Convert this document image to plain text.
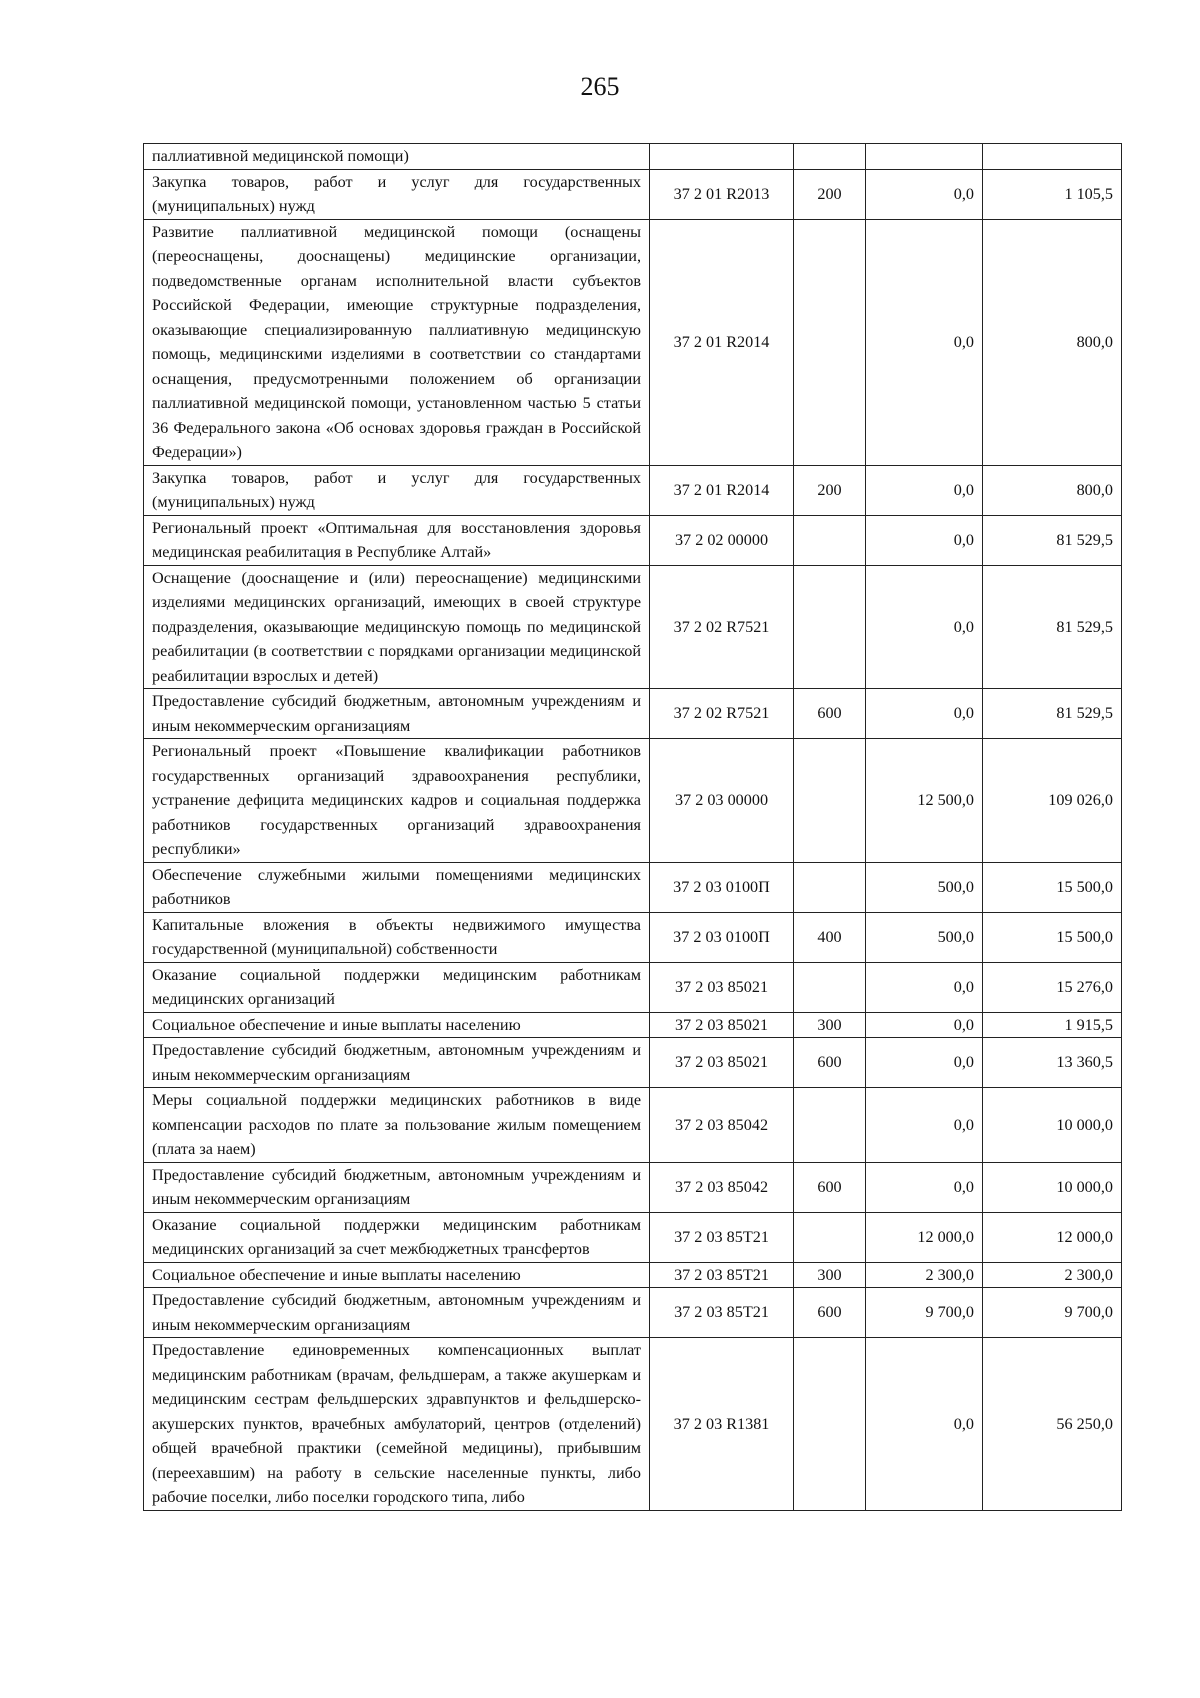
265
паллиативной медицинской помощи)				
Закупка товаров, работ и услуг для государственных (муниципальных) нужд	37 2 01 R2013	200	0,0	1 105,5
Развитие паллиативной медицинской помощи (оснащены (переоснащены, дооснащены) медицинские организации, подведомственные органам исполнительной власти субъектов Российской Федерации, имеющие структурные подразделения, оказывающие специализированную паллиативную медицинскую помощь, медицинскими изделиями в соответствии со стандартами оснащения, предусмотренными положением об организации паллиативной медицинской помощи, установленном частью 5 статьи 36 Федерального закона «Об основах здоровья граждан в Российской Федерации»)	37 2 01 R2014		0,0	800,0
Закупка товаров, работ и услуг для государственных (муниципальных) нужд	37 2 01 R2014	200	0,0	800,0
Региональный проект «Оптимальная для восстановления здоровья медицинская реабилитация в Республике Алтай»	37 2 02 00000		0,0	81 529,5
Оснащение (дооснащение и (или) переоснащение) медицинскими изделиями медицинских организаций, имеющих в своей структуре подразделения, оказывающие медицинскую помощь по медицинской реабилитации (в соответствии с порядками организации медицинской реабилитации взрослых и детей)	37 2 02 R7521		0,0	81 529,5
Предоставление субсидий бюджетным, автономным учреждениям и иным некоммерческим организациям	37 2 02 R7521	600	0,0	81 529,5
Региональный проект «Повышение квалификации работников государственных организаций здравоохранения республики, устранение дефицита медицинских кадров и социальная поддержка работников государственных организаций здравоохранения республики»	37 2 03 00000		12 500,0	109 026,0
Обеспечение служебными жилыми помещениями медицинских работников	37 2 03 0100П		500,0	15 500,0
Капитальные вложения в объекты недвижимого имущества государственной (муниципальной) собственности	37 2 03 0100П	400	500,0	15 500,0
Оказание социальной поддержки медицинским работникам медицинских организаций	37 2 03 85021		0,0	15 276,0
Социальное обеспечение и иные выплаты населению	37 2 03 85021	300	0,0	1 915,5
Предоставление субсидий бюджетным, автономным учреждениям и иным некоммерческим организациям	37 2 03 85021	600	0,0	13 360,5
Меры социальной поддержки медицинских работников в виде компенсации расходов по плате за пользование жилым помещением (плата за наем)	37 2 03 85042		0,0	10 000,0
Предоставление субсидий бюджетным, автономным учреждениям и иным некоммерческим организациям	37 2 03 85042	600	0,0	10 000,0
Оказание социальной поддержки медицинским работникам медицинских организаций за счет межбюджетных трансфертов	37 2 03 85Т21		12 000,0	12 000,0
Социальное обеспечение и иные выплаты населению	37 2 03 85Т21	300	2 300,0	2 300,0
Предоставление субсидий бюджетным, автономным учреждениям и иным некоммерческим организациям	37 2 03 85Т21	600	9 700,0	9 700,0
Предоставление единовременных компенсационных выплат медицинским работникам (врачам, фельдшерам, а также акушеркам и медицинским сестрам фельдшерских здравпунктов и фельдшерско-акушерских пунктов, врачебных амбулаторий, центров (отделений) общей врачебной практики (семейной медицины), прибывшим (переехавшим) на работу в сельские населенные пункты, либо рабочие поселки, либо поселки городского типа, либо	37 2 03 R1381		0,0	56 250,0
